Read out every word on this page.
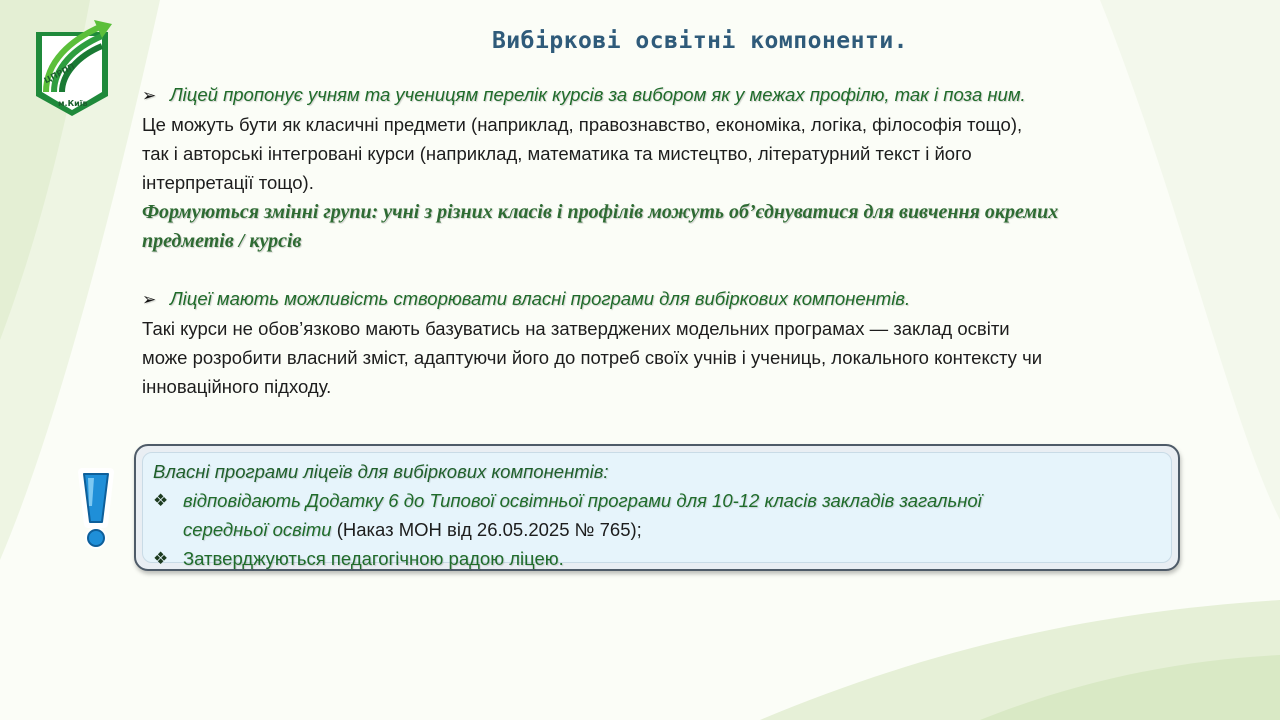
ЦПРПП
м.Київ
Вибіркові освітні компоненти.
➢ Ліцей пропонує учням та ученицям перелік курсів за вибором як у межах профілю, так і поза ним.
Це можуть бути як класичні предмети (наприклад, правознавство, економіка, логіка, філософія тощо),
так і авторські інтегровані курси (наприклад, математика та мистецтво, літературний текст і його
інтерпретації тощо).
Формуються змінні групи: учні з різних класів і профілів можуть об’єднуватися для вивчення окремих
предметів / курсів
➢ Ліцеї мають можливість створювати власні програми для вибіркових компонентів.
Такі курси не обов’язково мають базуватись на затверджених модельних програмах — заклад освіти
може розробити власний зміст, адаптуючи його до потреб своїх учнів і учениць, локального контексту чи
інноваційного підходу.
Власні програми ліцеїв для вибіркових компонентів:
❖ відповідають Додатку 6 до Типової освітньої програми для 10-12 класів закладів загальної
середньої освіти (Наказ МОН від 26.05.2025 № 765);
❖ Затверджуються педагогічною радою ліцею.
